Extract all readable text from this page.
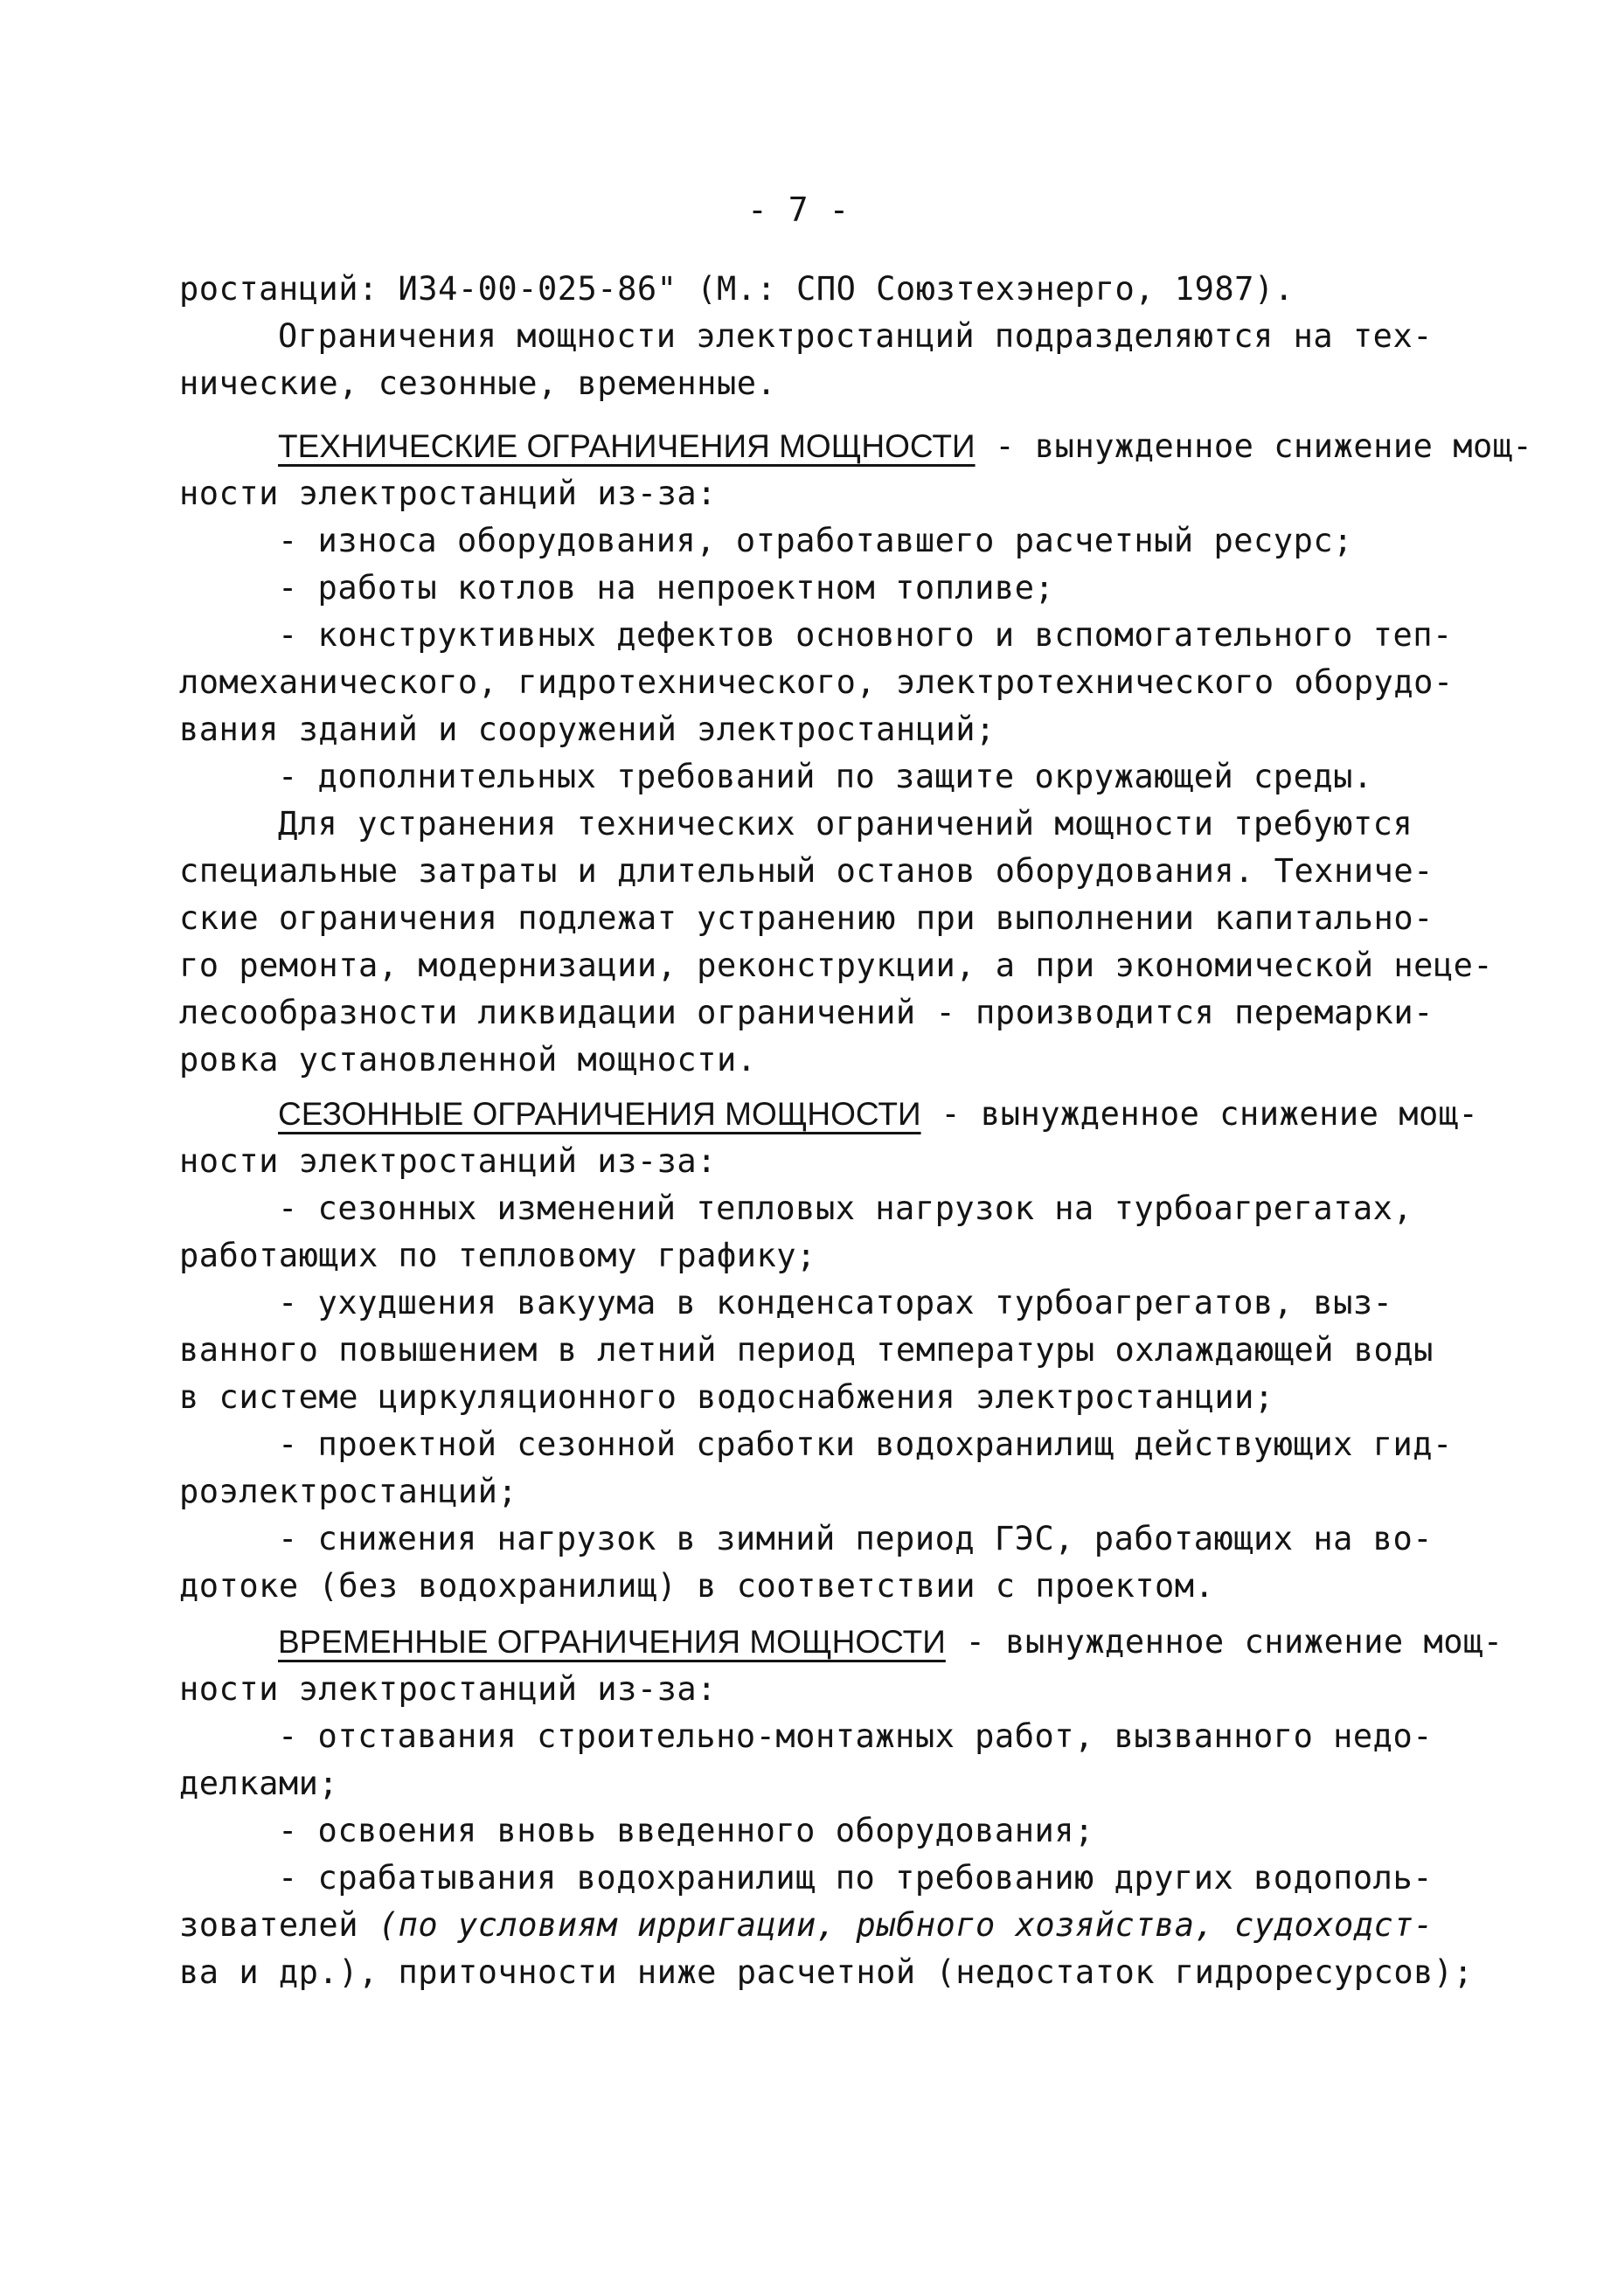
- 7 -
ростанций: И34-00-025-86" (М.: СПО Союзтехэнерго, 1987).
Ограничения мощности электростанций подразделяются на тех-
нические, сезонные, временные.
ТЕХНИЧЕСКИЕ ОГРАНИЧЕНИЯ МОЩНОСТИ - вынужденное снижение мощ-
ности электростанций из-за:
- износа оборудования, отработавшего расчетный ресурс;
- работы котлов на непроектном топливе;
- конструктивных дефектов основного и вспомогательного теп-
ломеханического, гидротехнического, электротехнического оборудо-
вания зданий и сооружений электростанций;
- дополнительных требований по защите окружающей среды.
Для устранения технических ограничений мощности требуются
специальные затраты и длительный останов оборудования. Техниче-
ские ограничения подлежат устранению при выполнении капитально-
го ремонта, модернизации, реконструкции, а при экономической неце-
лесообразности ликвидации ограничений - производится перемарки-
ровка установленной мощности.
СЕЗОННЫЕ ОГРАНИЧЕНИЯ МОЩНОСТИ - вынужденное снижение мощ-
ности электростанций из-за:
- сезонных изменений тепловых нагрузок на турбоагрегатах,
работающих по тепловому графику;
- ухудшения вакуума в конденсаторах турбоагрегатов, выз-
ванного повышением в летний период температуры охлаждающей воды
в системе циркуляционного водоснабжения электростанции;
- проектной сезонной сработки водохранилищ действующих гид-
роэлектростанций;
- снижения нагрузок в зимний период ГЭС, работающих на во-
дотоке (без водохранилищ) в соответствии с проектом.
ВРЕМЕННЫЕ ОГРАНИЧЕНИЯ МОЩНОСТИ - вынужденное снижение мощ-
ности электростанций из-за:
- отставания строительно-монтажных работ, вызванного недо-
делками;
- освоения вновь введенного оборудования;
- срабатывания водохранилищ по требованию других водополь-
зователей (по условиям ирригации, рыбного хозяйства, судоходст-
ва и др.), приточности ниже расчетной (недостаток гидроресурсов);
